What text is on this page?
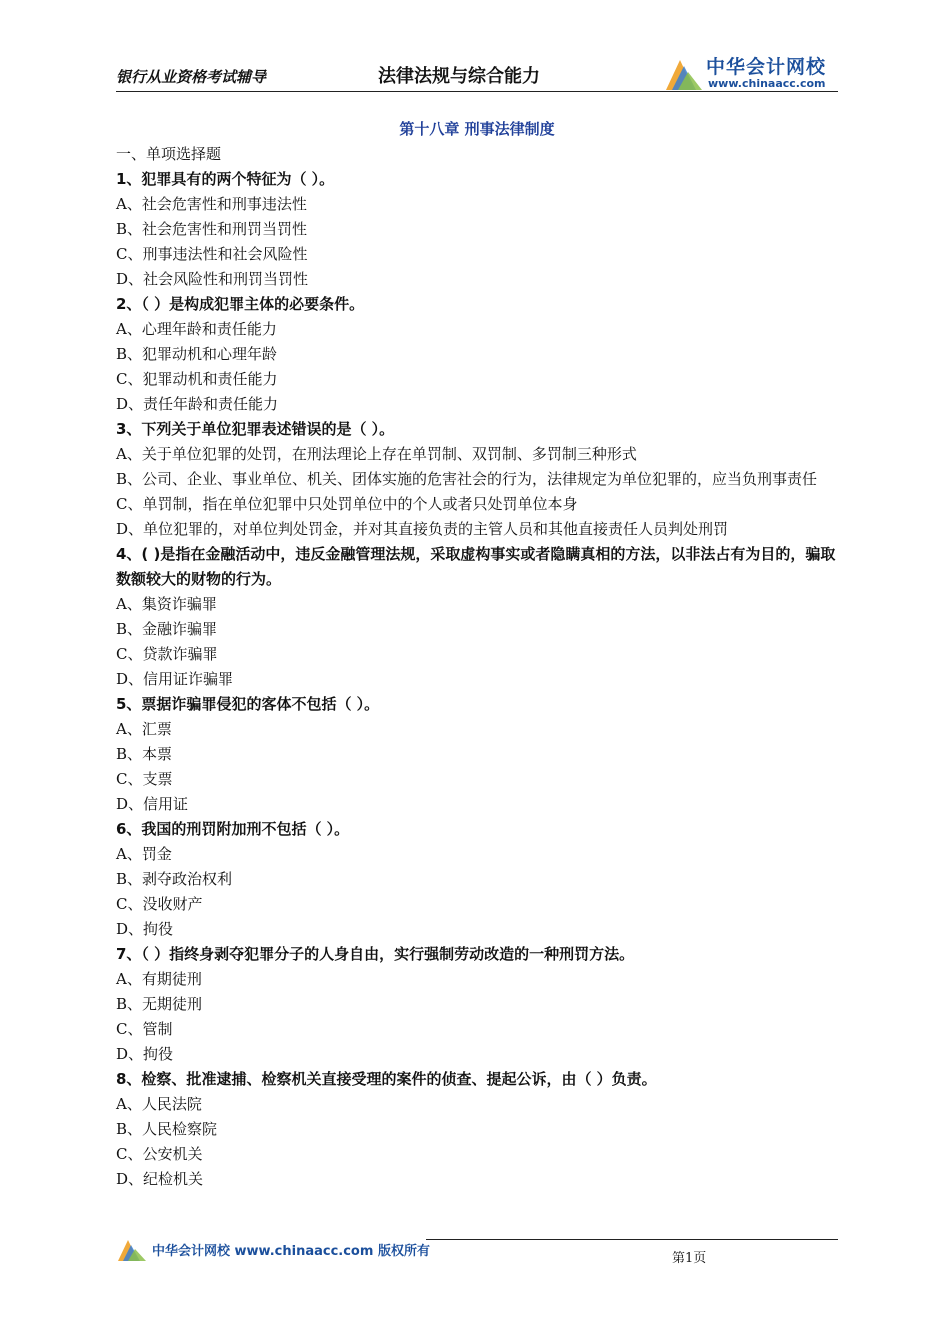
银行从业资格考试辅导	法律法规与综合能力	中华会计网校
www.chinaacc.com
第十八章 刑事法律制度
一、单项选择题
1、犯罪具有的两个特征为（ ）。
A、社会危害性和刑事违法性
B、社会危害性和刑罚当罚性
C、刑事违法性和社会风险性
D、社会风险性和刑罚当罚性
2、（ ）是构成犯罪主体的必要条件。
A、心理年龄和责任能力
B、犯罪动机和心理年龄
C、犯罪动机和责任能力
D、责任年龄和责任能力
3、下列关于单位犯罪表述错误的是（ ）。
A、关于单位犯罪的处罚，在刑法理论上存在单罚制、双罚制、多罚制三种形式
B、公司、企业、事业单位、机关、团体实施的危害社会的行为，法律规定为单位犯罪的，应当负刑事责任
C、单罚制，指在单位犯罪中只处罚单位中的个人或者只处罚单位本身
D、单位犯罪的，对单位判处罚金，并对其直接负责的主管人员和其他直接责任人员判处刑罚
4、( )是指在金融活动中，违反金融管理法规，采取虚构事实或者隐瞒真相的方法，以非法占有为目的，骗取数额较大的财物的行为。
A、集资诈骗罪
B、金融诈骗罪
C、贷款诈骗罪
D、信用证诈骗罪
5、票据诈骗罪侵犯的客体不包括（ ）。
A、汇票
B、本票
C、支票
D、信用证
6、我国的刑罚附加刑不包括（ ）。
A、罚金
B、剥夺政治权利
C、没收财产
D、拘役
7、（ ）指终身剥夺犯罪分子的人身自由，实行强制劳动改造的一种刑罚方法。
A、有期徒刑
B、无期徒刑
C、管制
D、拘役
8、检察、批准逮捕、检察机关直接受理的案件的侦查、提起公诉，由（ ）负责。
A、人民法院
B、人民检察院
C、公安机关
D、纪检机关
中华会计网校 www.chinaacc.com 版权所有	第1页
